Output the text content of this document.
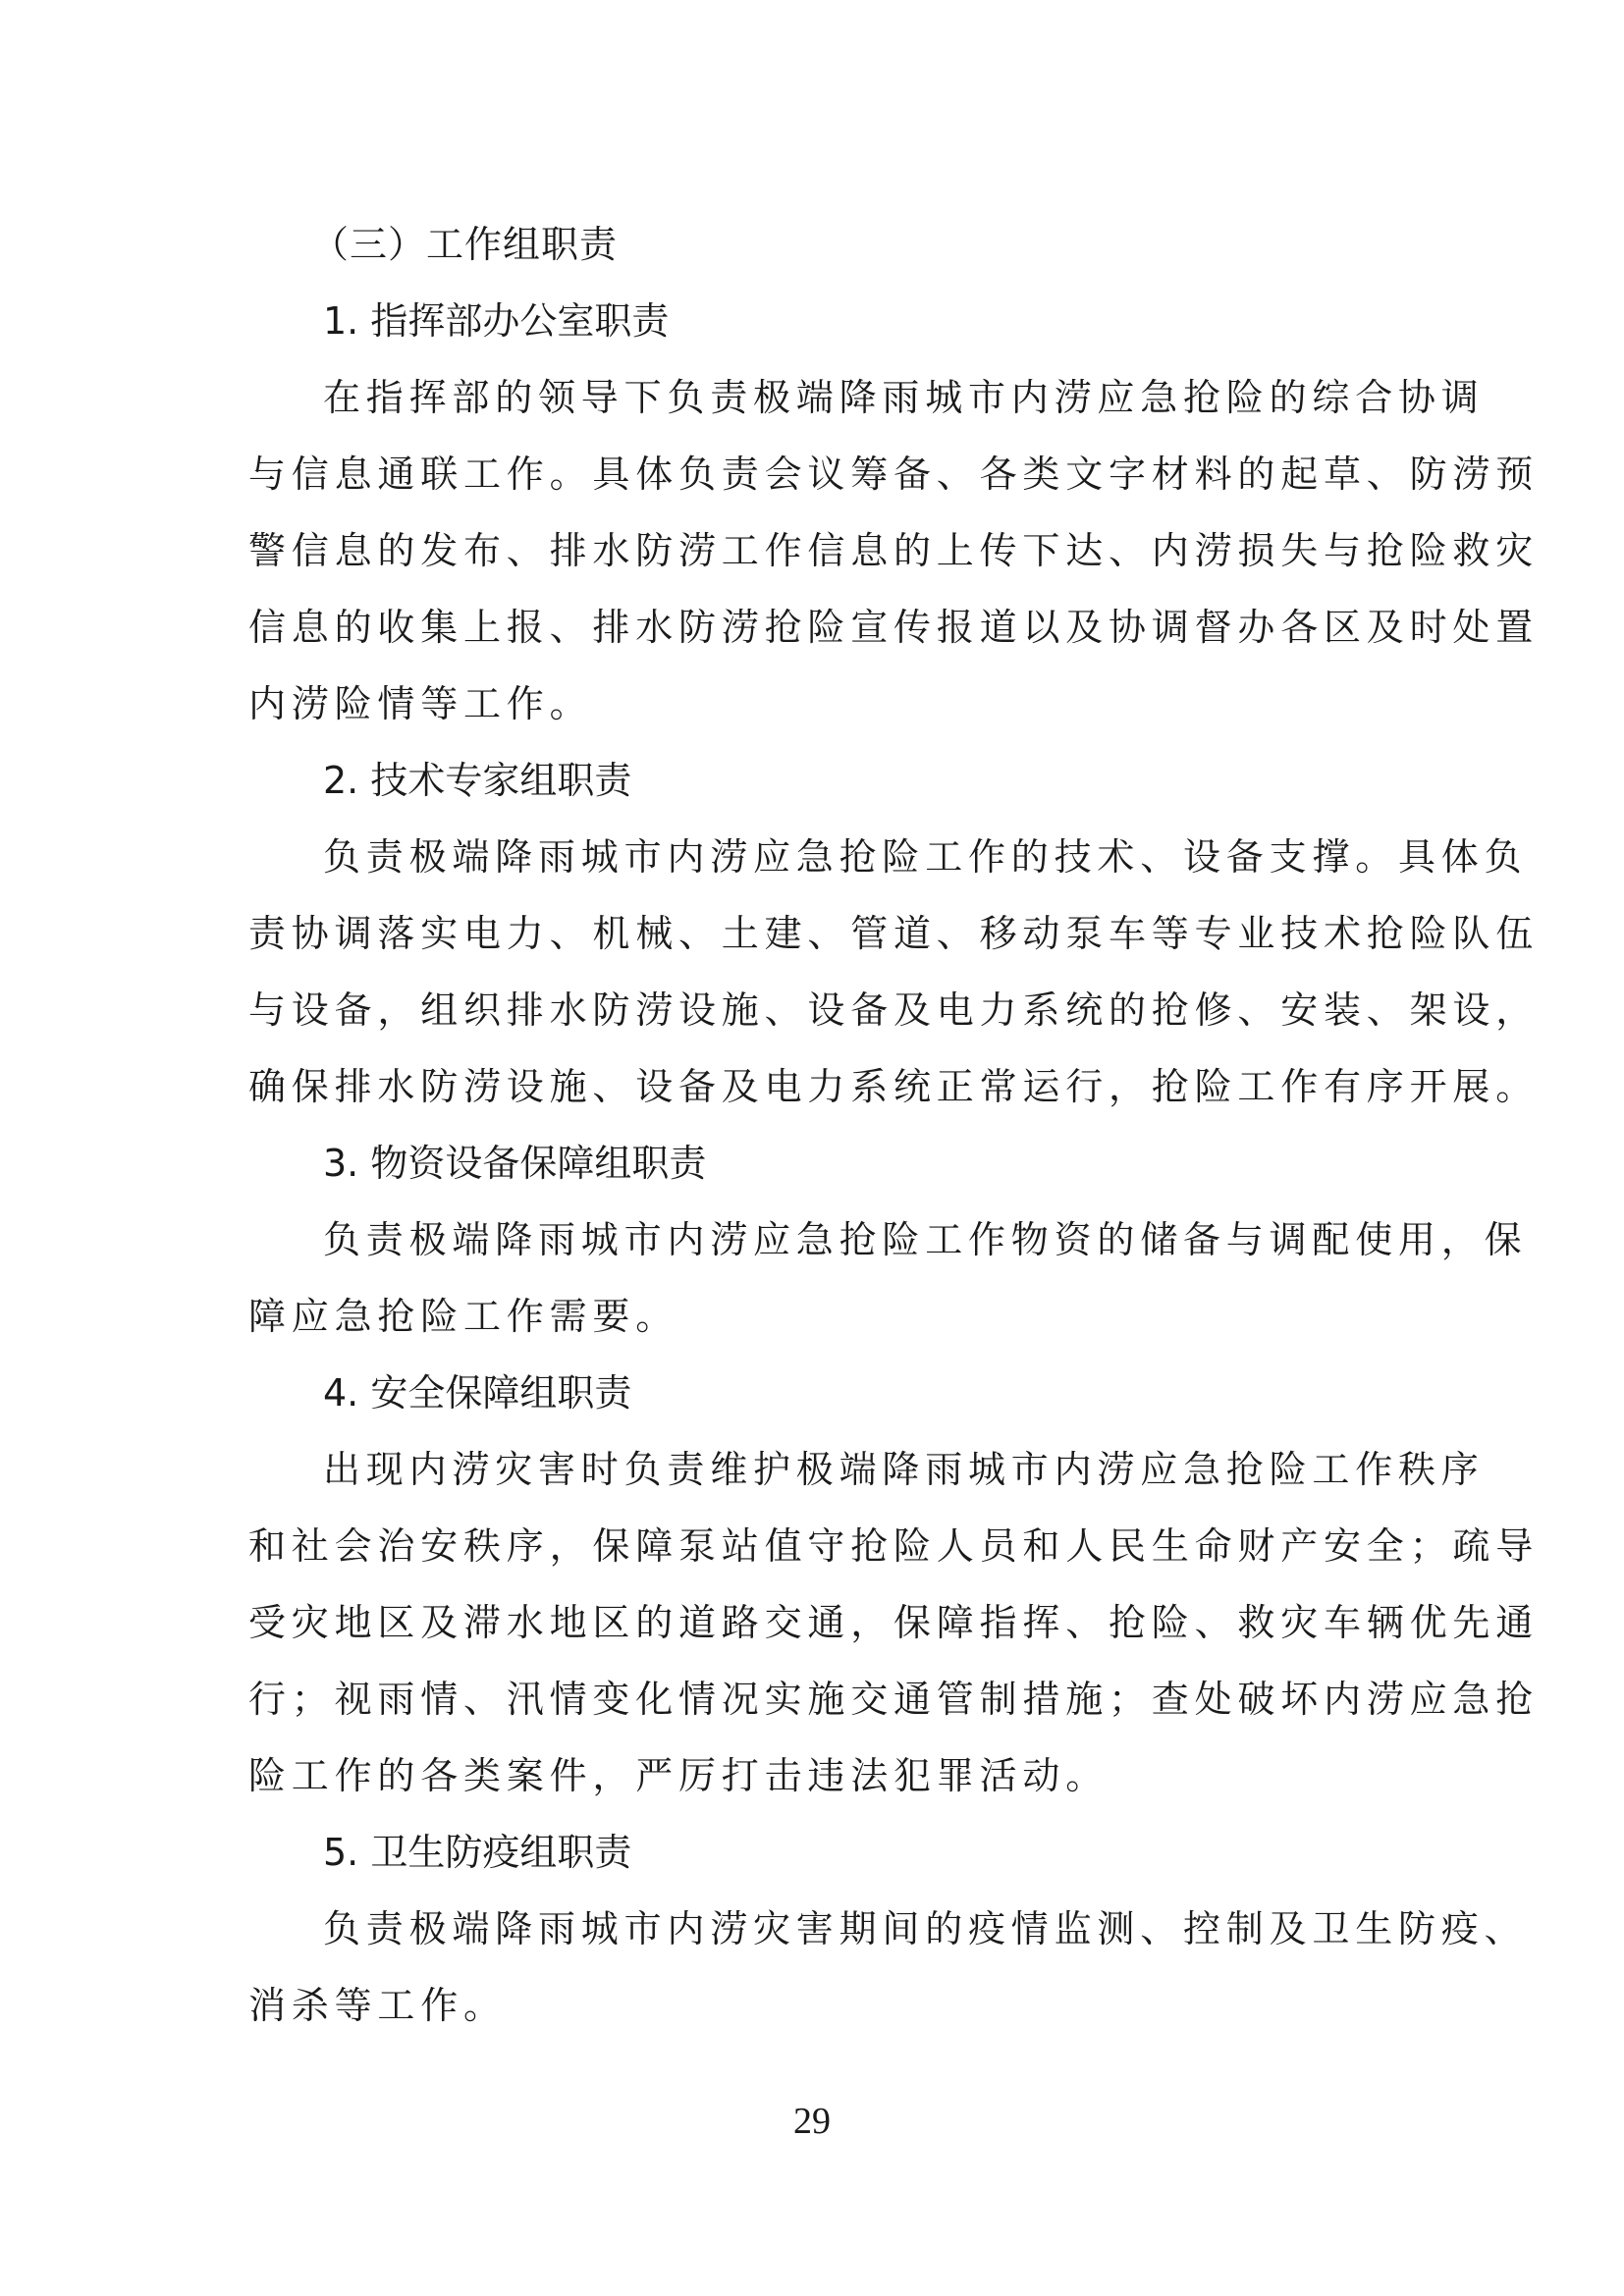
（三）工作组职责
1. 指挥部办公室职责

在指挥部的领导下负责极端降雨城市内涝应急抢险的综合协调
与信息通联工作。具体负责会议筹备、各类文字材料的起草、防涝预
警信息的发布、排水防涝工作信息的上传下达、内涝损失与抢险救灾
信息的收集上报、排水防涝抢险宣传报道以及协调督办各区及时处置
内涝险情等工作。

2. 技术专家组职责

负责极端降雨城市内涝应急抢险工作的技术、设备支撑。具体负
责协调落实电力、机械、土建、管道、移动泵车等专业技术抢险队伍
与设备，组织排水防涝设施、设备及电力系统的抢修、安装、架设，
确保排水防涝设施、设备及电力系统正常运行，抢险工作有序开展。

3. 物资设备保障组职责

负责极端降雨城市内涝应急抢险工作物资的储备与调配使用，保
障应急抢险工作需要。

4. 安全保障组职责

出现内涝灾害时负责维护极端降雨城市内涝应急抢险工作秩序
和社会治安秩序，保障泵站值守抢险人员和人民生命财产安全；疏导
受灾地区及滞水地区的道路交通，保障指挥、抢险、救灾车辆优先通
行；视雨情、汛情变化情况实施交通管制措施；查处破坏内涝应急抢
险工作的各类案件，严厉打击违法犯罪活动。

5. 卫生防疫组职责

负责极端降雨城市内涝灾害期间的疫情监测、控制及卫生防疫、
消杀等工作。

29
